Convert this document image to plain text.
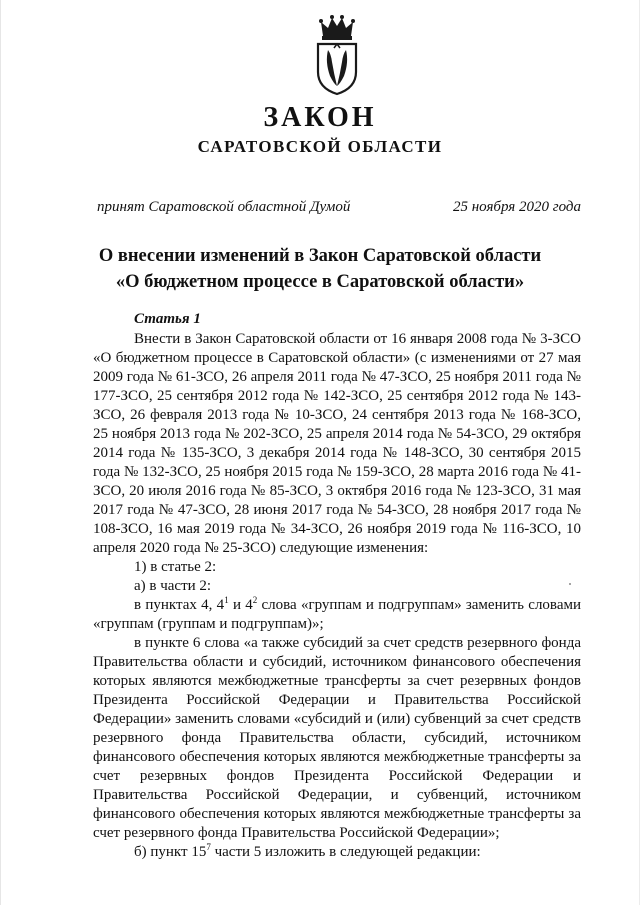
ЗАКОН
САРАТОВСКОЙ ОБЛАСТИ
принят Саратовской областной Думой	25 ноября 2020 года
О внесении изменений в Закон Саратовской области
«О бюджетном процессе в Саратовской области»
Статья 1

Внести в Закон Саратовской области от 16 января 2008 года № 3-ЗСО «О бюджетном процессе в Саратовской области» (с изменениями от 27 мая 2009 года № 61-ЗСО, 26 апреля 2011 года № 47-ЗСО, 25 ноября 2011 года № 177-ЗСО, 25 сентября 2012 года № 142-ЗСО, 25 сентября 2012 года № 143-ЗСО, 26 февраля 2013 года № 10-ЗСО, 24 сентября 2013 года № 168-ЗСО, 25 ноября 2013 года № 202-ЗСО, 25 апреля 2014 года № 54-ЗСО, 29 октября 2014 года № 135-ЗСО, 3 декабря 2014 года № 148-ЗСО, 30 сентября 2015 года № 132-ЗСО, 25 ноября 2015 года № 159-ЗСО, 28 марта 2016 года № 41-ЗСО, 20 июля 2016 года № 85-ЗСО, 3 октября 2016 года № 123-ЗСО, 31 мая 2017 года № 47-ЗСО, 28 июня 2017 года № 54-ЗСО, 28 ноября 2017 года № 108-ЗСО, 16 мая 2019 года № 34-ЗСО, 26 ноября 2019 года № 116-ЗСО, 10 апреля 2020 года № 25-ЗСО) следующие изменения:

1) в статье 2:

а) в части 2:

в пунктах 4, $4^1$ и $4^2$ слова «группам и подгруппам» заменить словами «группам (группам и подгруппам)»;

в пункте 6 слова «а также субсидий за счет средств резервного фонда Правительства области и субсидий, источником финансового обеспечения которых являются межбюджетные трансферты за счет резервных фондов Президента Российской Федерации и Правительства Российской Федерации» заменить словами «субсидий и (или) субвенций за счет средств резервного фонда Правительства области, субсидий, источником финансового обеспечения которых являются межбюджетные трансферты за счет резервных фондов Президента Российской Федерации и Правительства Российской Федерации, и субвенций, источником финансового обеспечения которых являются межбюджетные трансферты за счет резервного фонда Правительства Российской Федерации»;

б) пункт $15^7$ части 5 изложить в следующей редакции:
